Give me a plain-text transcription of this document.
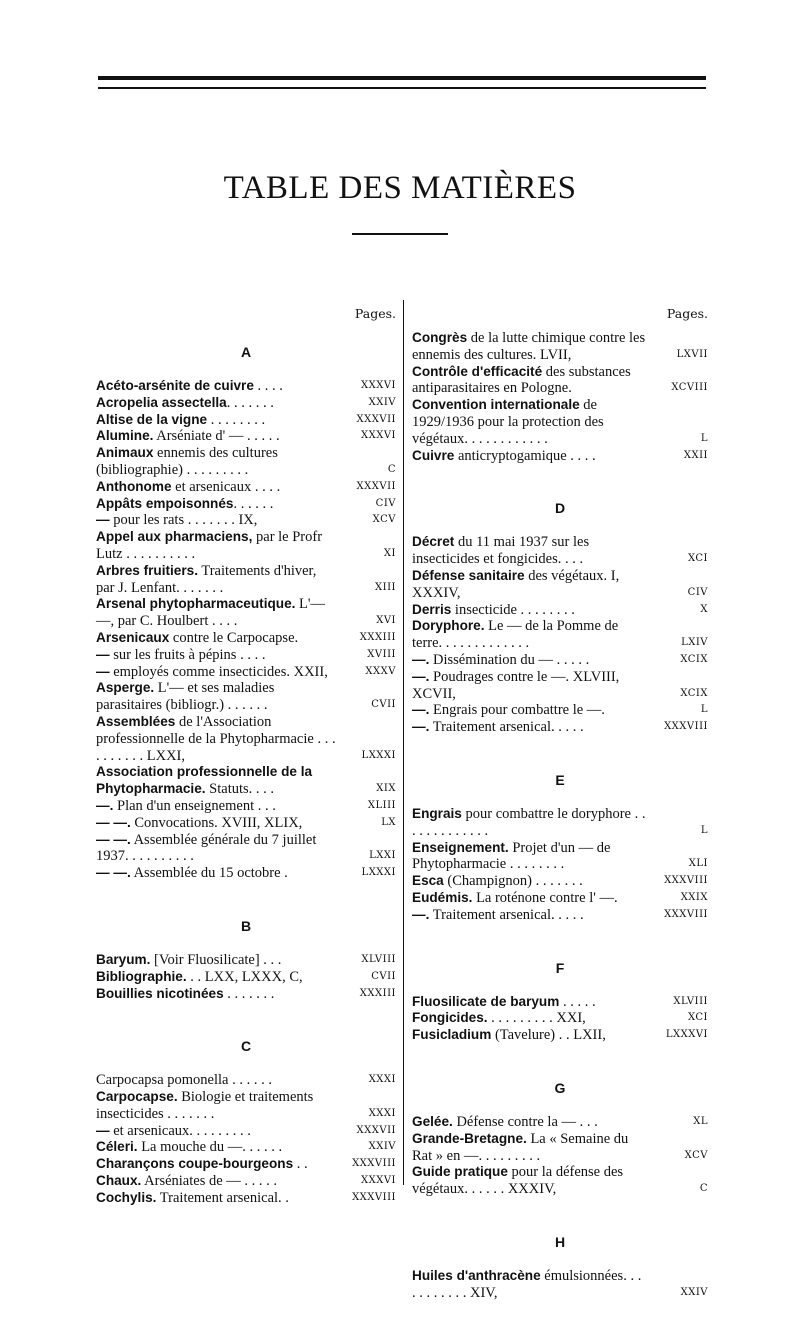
TABLE DES MATIÈRES
Pages.
A
Acéto-arsénite de cuivre . . . .	XXXVI
Acropelia assectella. . . . . . .	XXIV
Altise de la vigne . . . . . . . .	XXXVII
Alumine. Arséniate d' — . . . . .	XXXVI
Animaux ennemis des cultures (bibliographie) . . . . . . . . .	C
Anthonome et arsenicaux . . . .	XXXVII
Appâts empoisonnés. . . . . .	CIV
— pour les rats . . . . . . . IX,	XCV
Appel aux pharmaciens, par le Profr Lutz . . . . . . . . . .	XI
Arbres fruitiers. Traitements d'hiver, par J. Lenfant. . . . . . .	XIII
Arsenal phytopharmaceutique. L'— —, par C. Houlbert . . . .	XVI
Arsenicaux contre le Carpocapse.	XXXIII
— sur les fruits à pépins . . . .	XVIII
— employés comme insecticides. XXII,	XXXV
Asperge. L'— et ses maladies parasitaires (bibliogr.) . . . . . .	CVII
Assemblées de l'Association professionnelle de la Phytopharmacie . . . . . . . . . . LXXI,	LXXXI
Association professionnelle de la Phytopharmacie. Statuts. . . .	XIX
—. Plan d'un enseignement . . .	XLIII
— —. Convocations. XVIII, XLIX,	LX
— —. Assemblée générale du 7 juillet 1937. . . . . . . . . .	LXXI
— —. Assemblée du 15 octobre .	LXXXI
B
Baryum. [Voir Fluosilicate] . . .	XLVIII
Bibliographie. . . LXX, LXXX, C,	CVII
Bouillies nicotinées . . . . . . .	XXXIII
C
Carpocapsa pomonella . . . . . .	XXXI
Carpocapse. Biologie et traitements insecticides . . . . . . .	XXXI
— et arsenicaux. . . . . . . . .	XXXVII
Céleri. La mouche du —. . . . . .	XXIV
Charançons coupe-bourgeons . .	XXXVIII
Chaux. Arséniates de — . . . . .	XXXVI
Cochylis. Traitement arsenical. .	XXXVIII
Pages.
Congrès de la lutte chimique contre les ennemis des cultures. LVII,	LXVII
Contrôle d'efficacité des substances antiparasitaires en Pologne.	XCVIII
Convention internationale de 1929/1936 pour la protection des végétaux. . . . . . . . . . . .	L
Cuivre anticryptogamique . . . .	XXII
D
Décret du 11 mai 1937 sur les insecticides et fongicides. . . .	XCI
Défense sanitaire des végétaux. I, XXXIV,	CIV
Derris insecticide . . . . . . . .	X
Doryphore. Le — de la Pomme de terre. . . . . . . . . . . . .	LXIV
—. Dissémination du — . . . . .	XCIX
—. Poudrages contre le —. XLVIII, XCVII,	XCIX
—. Engrais pour combattre le —.	L
—. Traitement arsenical. . . . .	XXXVIII
E
Engrais pour combattre le doryphore . . . . . . . . . . . . .	L
Enseignement. Projet d'un — de Phytopharmacie . . . . . . . .	XLI
Esca (Champignon) . . . . . . .	XXXVIII
Eudémis. La roténone contre l' —.	XXIX
—. Traitement arsenical. . . . .	XXXVIII
F
Fluosilicate de baryum . . . . .	XLVIII
Fongicides. . . . . . . . . . XXI,	XCI
Fusicladium (Tavelure) . . LXII,	LXXXVI
G
Gelée. Défense contre la — . . .	XL
Grande-Bretagne. La « Semaine du Rat » en —. . . . . . . . .	XCV
Guide pratique pour la défense des végétaux. . . . . . XXXIV,	C
H
Huiles d'anthracène émulsionnées. . . . . . . . . . . XIV,	XXIV
